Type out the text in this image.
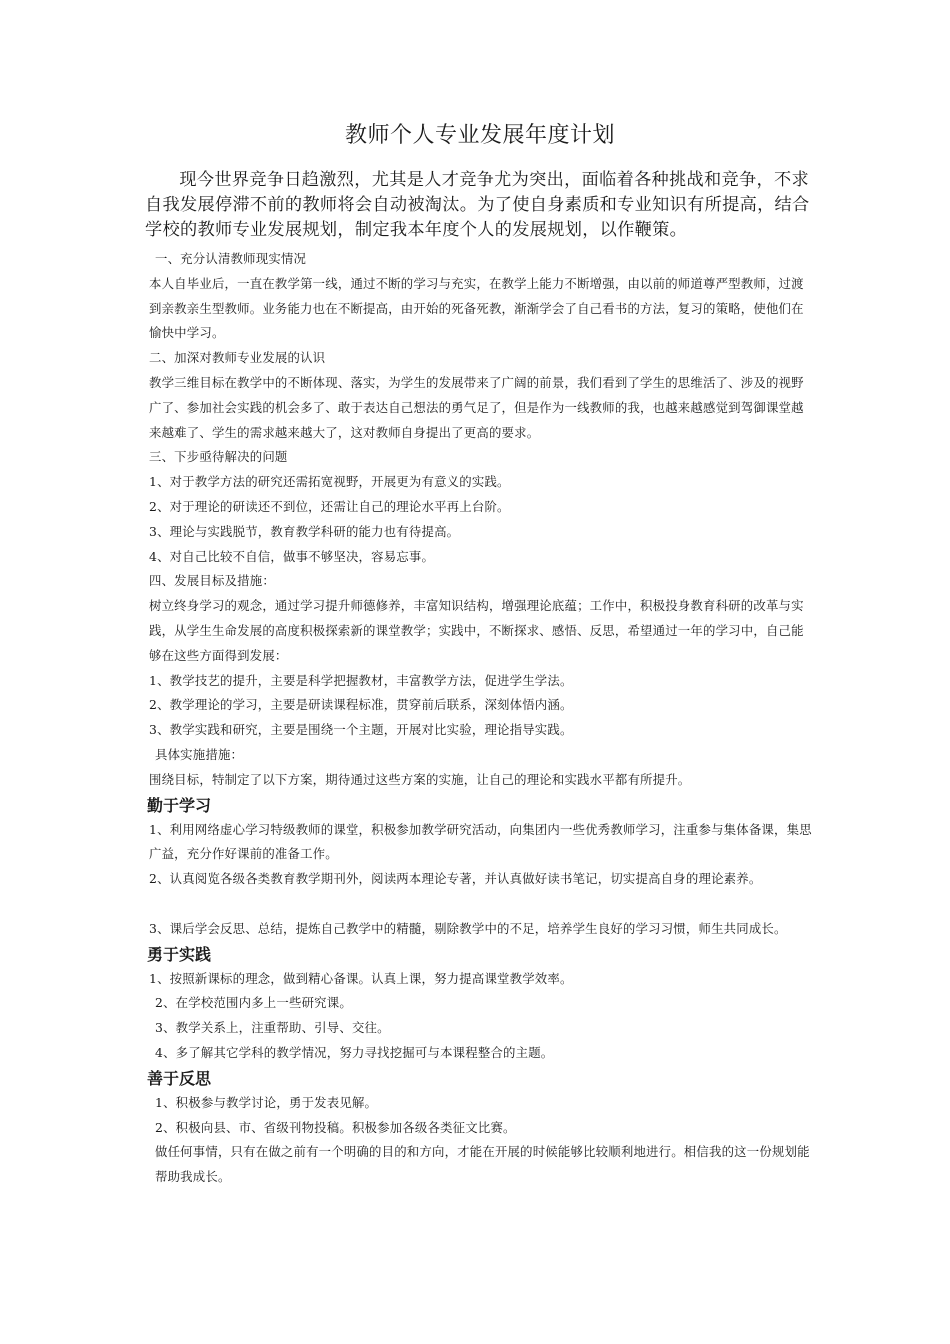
教师个人专业发展年度计划

现今世界竞争日趋激烈，尤其是人才竞争尤为突出，面临着各种挑战和竞争，不求自我发展停滞不前的教师将会自动被淘汰。为了使自身素质和专业知识有所提高，结合学校的教师专业发展规划，制定我本年度个人的发展规划，以作鞭策。

一、充分认清教师现实情况

本人自毕业后，一直在教学第一线，通过不断的学习与充实，在教学上能力不断增强，由以前的师道尊严型教师，过渡到亲教亲生型教师。业务能力也在不断提高，由开始的死备死教，渐渐学会了自己看书的方法，复习的策略，使他们在愉快中学习。

二、加深对教师专业发展的认识

教学三维目标在教学中的不断体现、落实，为学生的发展带来了广阔的前景，我们看到了学生的思维活了、涉及的视野广了、参加社会实践的机会多了、敢于表达自己想法的勇气足了，但是作为一线教师的我，也越来越感觉到驾御课堂越来越难了、学生的需求越来越大了，这对教师自身提出了更高的要求。

三、下步亟待解决的问题

1、对于教学方法的研究还需拓宽视野，开展更为有意义的实践。

2、对于理论的研读还不到位，还需让自己的理论水平再上台阶。

3、理论与实践脱节，教育教学科研的能力也有待提高。

4、对自己比较不自信，做事不够坚决，容易忘事。

四、发展目标及措施：

树立终身学习的观念，通过学习提升师德修养，丰富知识结构，增强理论底蕴；工作中，积极投身教育科研的改革与实践，从学生生命发展的高度积极探索新的课堂教学；实践中，不断探求、感悟、反思，希望通过一年的学习中，自己能够在这些方面得到发展：

1、教学技艺的提升，主要是科学把握教材，丰富教学方法，促进学生学法。

2、教学理论的学习，主要是研读课程标准，贯穿前后联系，深刻体悟内涵。

3、教学实践和研究，主要是围绕一个主题，开展对比实验，理论指导实践。

具体实施措施：

围绕目标，特制定了以下方案，期待通过这些方案的实施，让自己的理论和实践水平都有所提升。

勤于学习

1、利用网络虚心学习特级教师的课堂，积极参加教学研究活动，向集团内一些优秀教师学习，注重参与集体备课，集思广益，充分作好课前的准备工作。

2、认真阅览各级各类教育教学期刊外，阅读两本理论专著，并认真做好读书笔记，切实提高自身的理论素养。

3、课后学会反思、总结，提炼自己教学中的精髓，剔除教学中的不足，培养学生良好的学习习惯，师生共同成长。

勇于实践

1、按照新课标的理念，做到精心备课。认真上课，努力提高课堂教学效率。

2、在学校范围内多上一些研究课。

3、教学关系上，注重帮助、引导、交往。

4、多了解其它学科的教学情况，努力寻找挖掘可与本课程整合的主题。

善于反思

1、积极参与教学讨论，勇于发表见解。

2、积极向县、市、省级刊物投稿。积极参加各级各类征文比赛。

做任何事情，只有在做之前有一个明确的目的和方向，才能在开展的时候能够比较顺利地进行。相信我的这一份规划能帮助我成长。
